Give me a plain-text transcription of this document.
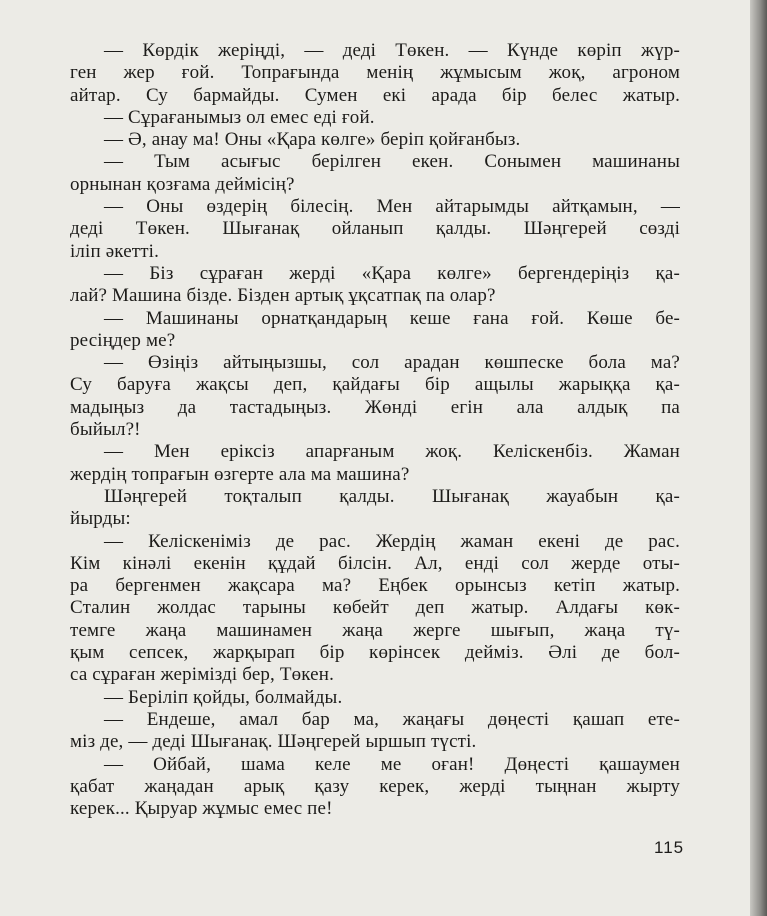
— Көрдік жеріңді, — деді Төкен. — Күнде көріп жүр-
ген жер ғой. Топрағында менің жұмысым жоқ, агроном
айтар. Су бармайды. Сумен екі арада бір белес жатыр.
— Сұрағанымыз ол емес еді ғой.
— Ә, анау ма! Оны «Қара көлге» беріп қойғанбыз.
— Тым асығыс берілген екен. Сонымен машинаны
орнынан қозғама деймісің?
— Оны өздерің білесің. Мен айтарымды айтқамын, —
деді Төкен. Шығанақ ойланып қалды. Шәңгерей сөзді
іліп әкетті.
— Біз сұраған жерді «Қара көлге» бергендеріңіз қа-
лай? Машина бізде. Бізден артық ұқсатпақ па олар?
— Машинаны орнатқандарың кеше ғана ғой. Көше бе-
ресіңдер ме?
— Өзіңіз айтыңызшы, сол арадан көшпеске бола ма?
Су баруға жақсы деп, қайдағы бір ащылы жарыққа қа-
мадыңыз да тастадыңыз. Жөнді егін ала алдық па
быйыл?!
— Мен еріксіз апарғаным жоқ. Келіскенбіз. Жаман
жердің топрағын өзгерте ала ма машина?
Шәңгерей тоқталып қалды. Шығанақ жауабын қа-
йырды:
— Келіскеніміз де рас. Жердің жаман екені де рас.
Кім кінәлі екенін құдай білсін. Ал, енді сол жерде оты-
ра бергенмен жақсара ма? Еңбек орынсыз кетіп жатыр.
Сталин жолдас тарыны көбейт деп жатыр. Алдағы көк-
темге жаңа машинамен жаңа жерге шығып, жаңа тү-
қым сепсек, жарқырап бір көрінсек дейміз. Әлі де бол-
са сұраған жерімізді бер, Төкен.
— Беріліп қойды, болмайды.
— Ендеше, амал бар ма, жаңағы дөңесті қашап ете-
міз де, — деді Шығанақ. Шәңгерей ыршып түсті.
— Ойбай, шама келе ме оған! Дөңесті қашаумен
қабат жаңадан арық қазу керек, жерді тыңнан жырту
керек... Қыруар жұмыс емес пе!
115
